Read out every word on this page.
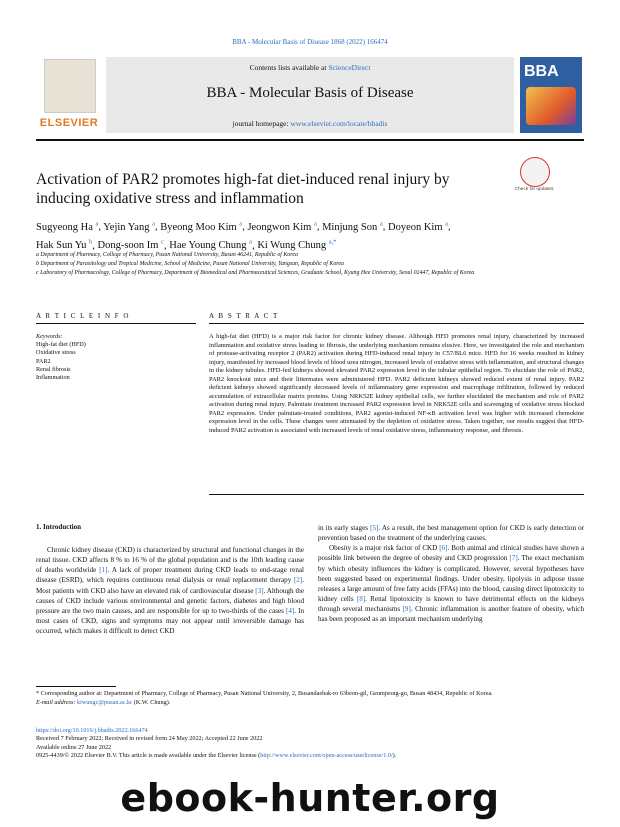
BBA - Molecular Basis of Disease 1868 (2022) 166474
ELSEVIER
Contents lists available at ScienceDirect
BBA - Molecular Basis of Disease
journal homepage: www.elsevier.com/locate/bbadis
BBA
Activation of PAR2 promotes high-fat diet-induced renal injury by inducing oxidative stress and inflammation
Check for updates
Sugyeong Ha $^a$, Yejin Yang $^a$, Byeong Moo Kim $^a$, Jeongwon Kim $^a$, Minjung Son $^a$, Doyeon Kim $^a$,
Hak Sun Yu $^b$, Dong-soon Im $^c$, Hae Young Chung $^a$, Ki Wung Chung $^{a,*}$

a Department of Pharmacy, College of Pharmacy, Pusan National University, Busan 46241, Republic of Korea

b Department of Parasitology and Tropical Medicine, School of Medicine, Pusan National University, Yangsan, Republic of Korea

c Laboratory of Pharmacology, College of Pharmacy, Department of Biomedical and Pharmaceutical Sciences, Graduate School, Kyung Hee University, Seoul 02447, Republic of Korea

A R T I C L E I N F O	A B S T R A C T
Keywords:
High-fat diet (HFD)
Oxidative stress
PAR2
Renal fibrosis
Inflammation
A high-fat diet (HFD) is a major risk factor for chronic kidney disease. Although HFD promotes renal injury, characterized by increased inflammation and oxidative stress leading to fibrosis, the underlying mechanism remains elusive. Here, we investigated the role and mechanism of protease-activating receptor 2 (PAR2) activation during HFD-induced renal injury in C57/BL6 mice. HFD for 16 weeks resulted in kidney injury, manifested by increased blood levels of blood urea nitrogen, increased levels of oxidative stress with inflammation, and structural changes in the kidney tubules. HFD-fed kidneys showed elevated PAR2 expression level in the tubular epithelial region. To elucidate the role of PAR2, PAR2 knockout mice and their littermates were administered HFD. PAR2 deficient kidneys showed reduced extent of renal injury. PAR2 deficient kidneys showed significantly decreased levels of inflammatory gene expression and macrophage infiltration, followed by reduced accumulation of extracellular matrix proteins. Using NRK52E kidney epithelial cells, we further elucidated the mechanism and role of PAR2 activation during renal injury. Palmitate treatment increased PAR2 expression level in NRK52E cells and scavenging of oxidative stress blocked PAR2 expression. Under palmitate-treated conditions, PAR2 agonist-induced NF-κB activation level was higher with increased chemokine expression level in the cells. These changes were attenuated by the depletion of oxidative stress. Taken together, our results suggest that HFD-induced PAR2 activation is associated with increased levels of renal oxidative stress, inflammatory response, and fibrosis.
1. Introduction

Chronic kidney disease (CKD) is characterized by structural and functional changes in the renal tissue. CKD affects 8 % to 16 % of the global population and is the 10th leading cause of deaths worldwide [1]. A lack of proper treatment during CKD leads to end-stage renal disease (ESRD), which requires continuous renal dialysis or renal replacement therapy [2]. Most patients with CKD also have an elevated risk of cardiovascular disease [3]. Although the causes of CKD include various environmental and genetic factors, diabetes and high blood pressure are the two main causes, and are responsible for up to two-thirds of the cases [4]. In most cases of CKD, signs and symptoms may not appear until irreversible damage has occurred, which makes it difficult to detect CKD

in its early stages [5]. As a result, the best management option for CKD is early detection or prevention based on the treatment of the underlying causes.

Obesity is a major risk factor of CKD [6]. Both animal and clinical studies have shown a possible link between the degree of obesity and CKD progression [7]. The exact mechanism by which obesity influences the kidney is complicated. However, several hypotheses have been suggested based on experimental findings. Under obesity, lipolysis in adipose tissue releases a large amount of free fatty acids (FFAs) into the blood, causing direct lipotoxicity to kidney cells [8]. Renal lipotoxicity is known to have detrimental effects on the kidneys through several mechanisms [9]. Chronic inflammation is another feature of obesity, which has been proposed as an important mechanism underlying

* Corresponding author at: Department of Pharmacy, College of Pharmacy, Pusan National University, 2, Busandaehak-ro 63beon-gil, Geumjeong-gu, Busan 48434, Republic of Korea.
E-mail address: kiwungc@pusan.ac.kr (K.W. Chung).
https://doi.org/10.1016/j.bbadis.2022.166474
Received 7 February 2022; Received in revised form 24 May 2022; Accepted 22 June 2022
Available online 27 June 2022
0925-4439/© 2022 Elsevier B.V. This article is made available under the Elsevier license (http://www.elsevier.com/open-access/userlicense/1.0/).
ebook-hunter.org
